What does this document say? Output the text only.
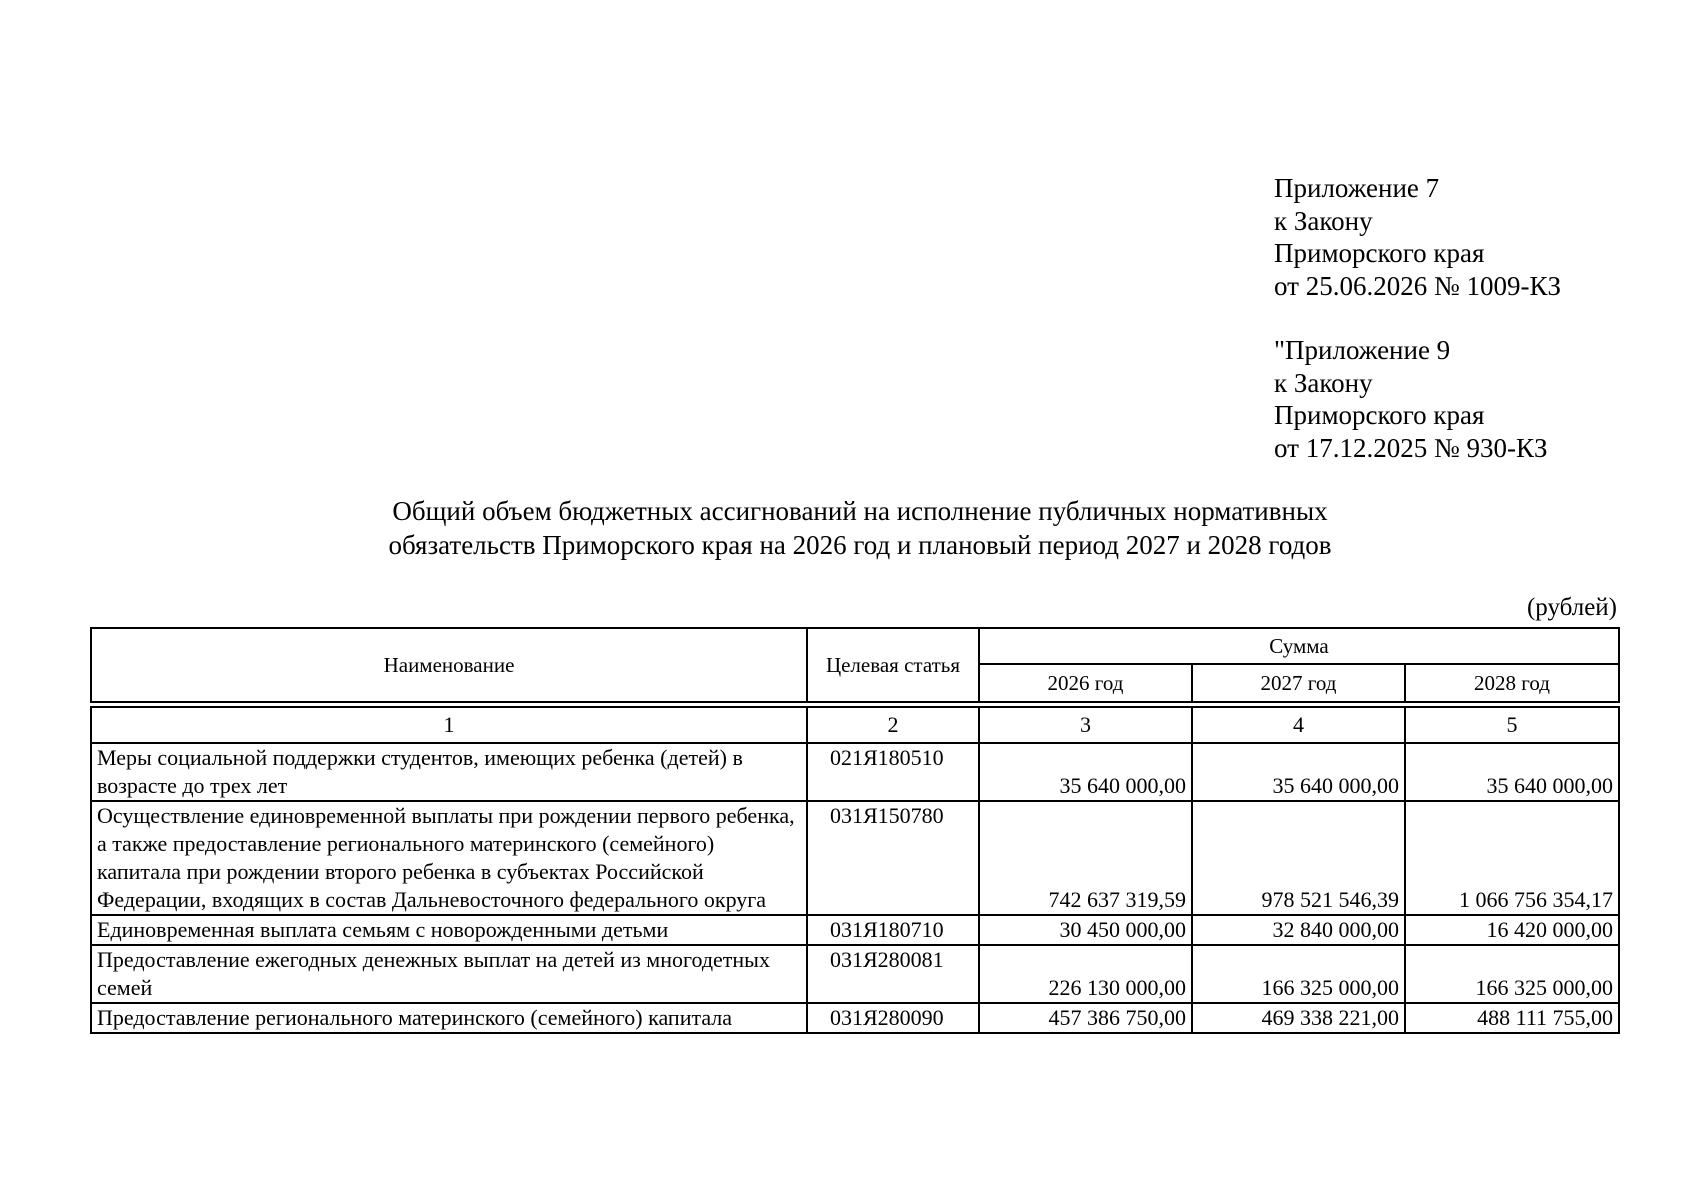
Приложение 7
к Закону
Приморского края
от 25.06.2026 № 1009-КЗ
"Приложение 9
к Закону
Приморского края
от 17.12.2025 № 930-КЗ
Общий объем бюджетных ассигнований на исполнение публичных нормативных
обязательств Приморского края на 2026 год и плановый период 2027 и 2028 годов
(рублей)
Наименование	Целевая статья	Сумма		
		2026 год	2027 год	2028 год

1	2	3	4	5
Меры социальной поддержки студентов, имеющих ребенка (детей) в возрасте до трех лет	021Я180510	35 640 000,00	35 640 000,00	35 640 000,00
Осуществление единовременной выплаты при рождении первого ребенка, а также предоставление регионального материнского (семейного) капитала при рождении второго ребенка в субъектах Российской Федерации, входящих в состав Дальневосточного федерального округа	031Я150780	742 637 319,59	978 521 546,39	1 066 756 354,17
Единовременная выплата семьям с новорожденными детьми	031Я180710	30 450 000,00	32 840 000,00	16 420 000,00
Предоставление ежегодных денежных выплат на детей из многодетных семей	031Я280081	226 130 000,00	166 325 000,00	166 325 000,00
Предоставление регионального материнского (семейного) капитала	031Я280090	457 386 750,00	469 338 221,00	488 111 755,00
